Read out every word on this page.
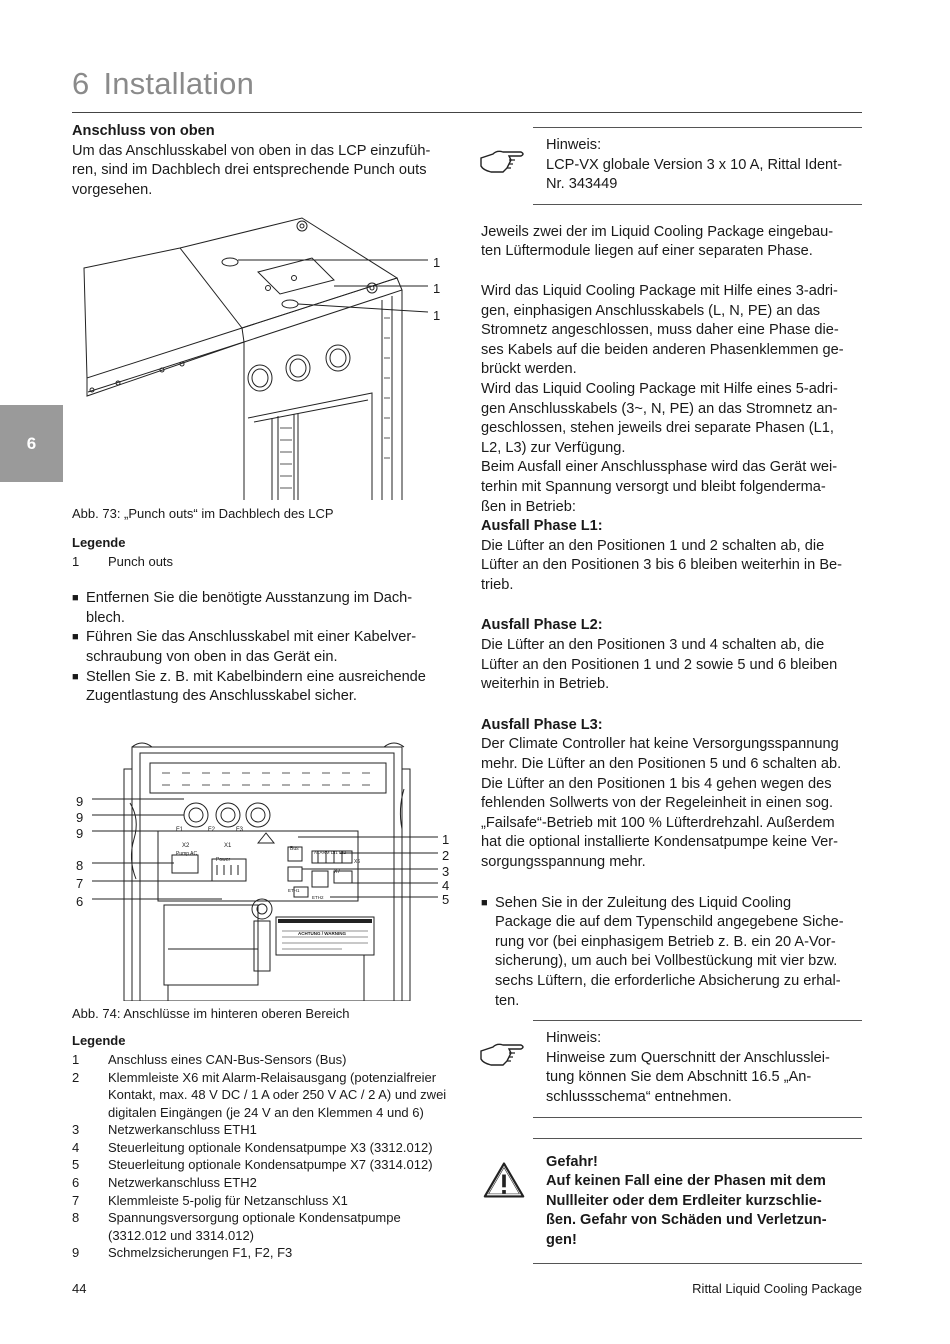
6 Installation
6
Anschluss von oben
Um das Anschlusskabel von oben in das LCP einzufüh-
ren, sind im Dachblech drei entsprechende Punch outs
vorgesehen.
1
1
1
Abb. 73: „Punch outs“ im Dachblech des LCP
Legende
1	Punch outs
■ Entfernen Sie die benötigte Ausstanzung im Dach-
blech.
■ Führen Sie das Anschlusskabel mit einer Kabelver-
schraubung von oben in das Gerät ein.
■ Stellen Sie z. B. mit Kabelbindern eine ausreichende
Zugentlastung des Anschlusskabel sicher.
F1	F2	F3
X2
Pump AC
X1
Power
Bus
ALARM DI1 DI2
X6
X7
ETH1
ETH2
ACHTUNG / WARNING
9
9
9
8
7
6
1
2
3
4
5
Abb. 74: Anschlüsse im hinteren oberen Bereich
Legende
1	Anschluss eines CAN-Bus-Sensors (Bus)
2	Klemmleiste X6 mit Alarm-Relaisausgang (potenzialfreier Kontakt, max. 48 V DC / 1 A oder 250 V AC / 2 A) und zwei digitalen Eingängen (je 24 V an den Klemmen 4 und 6)
3	Netzwerkanschluss ETH1
4	Steuerleitung optionale Kondensatpumpe X3 (3312.012)
5	Steuerleitung optionale Kondensatpumpe X7 (3314.012)
6	Netzwerkanschluss ETH2
7	Klemmleiste 5-polig für Netzanschluss X1
8	Spannungsversorgung optionale Kondensatpumpe (3312.012 und 3314.012)
9	Schmelzsicherungen F1, F2, F3
Hinweis:
LCP-VX globale Version 3 x 10 A, Rittal Ident-
Nr. 343449
Jeweils zwei der im Liquid Cooling Package eingebau-
ten Lüftermodule liegen auf einer separaten Phase.
Wird das Liquid Cooling Package mit Hilfe eines 3-adri-
gen, einphasigen Anschlusskabels (L, N, PE) an das
Stromnetz angeschlossen, muss daher eine Phase die-
ses Kabels auf die beiden anderen Phasenklemmen ge-
brückt werden.
Wird das Liquid Cooling Package mit Hilfe eines 5-adri-
gen Anschlusskabels (3~, N, PE) an das Stromnetz an-
geschlossen, stehen jeweils drei separate Phasen (L1,
L2, L3) zur Verfügung.
Beim Ausfall einer Anschlussphase wird das Gerät wei-
terhin mit Spannung versorgt und bleibt folgenderma-
ßen in Betrieb:
Ausfall Phase L1:
Die Lüfter an den Positionen 1 und 2 schalten ab, die
Lüfter an den Positionen 3 bis 6 bleiben weiterhin in Be-
trieb.
Ausfall Phase L2:
Die Lüfter an den Positionen 3 und 4 schalten ab, die
Lüfter an den Positionen 1 und 2 sowie 5 und 6 bleiben
weiterhin in Betrieb.
Ausfall Phase L3:
Der Climate Controller hat keine Versorgungsspannung
mehr. Die Lüfter an den Positionen 5 und 6 schalten ab.
Die Lüfter an den Positionen 1 bis 4 gehen wegen des
fehlenden Sollwerts von der Regeleinheit in einen sog.
„Failsafe“-Betrieb mit 100 % Lüfterdrehzahl. Außerdem
hat die optional installierte Kondensatpumpe keine Ver-
sorgungsspannung mehr.
■ Sehen Sie in der Zuleitung des Liquid Cooling
Package die auf dem Typenschild angegebene Siche-
rung vor (bei einphasigem Betrieb z. B. ein 20 A-Vor-
sicherung), um auch bei Vollbestückung mit vier bzw.
sechs Lüftern, die erforderliche Absicherung zu erhal-
ten.
Hinweis:
Hinweise zum Querschnitt der Anschlusslei-
tung können Sie dem Abschnitt 16.5 „An-
schlussschema“ entnehmen.
Gefahr!
Auf keinen Fall eine der Phasen mit dem
Nullleiter oder dem Erdleiter kurzschlie-
ßen. Gefahr von Schäden und Verletzun-
gen!
44	Rittal Liquid Cooling Package
